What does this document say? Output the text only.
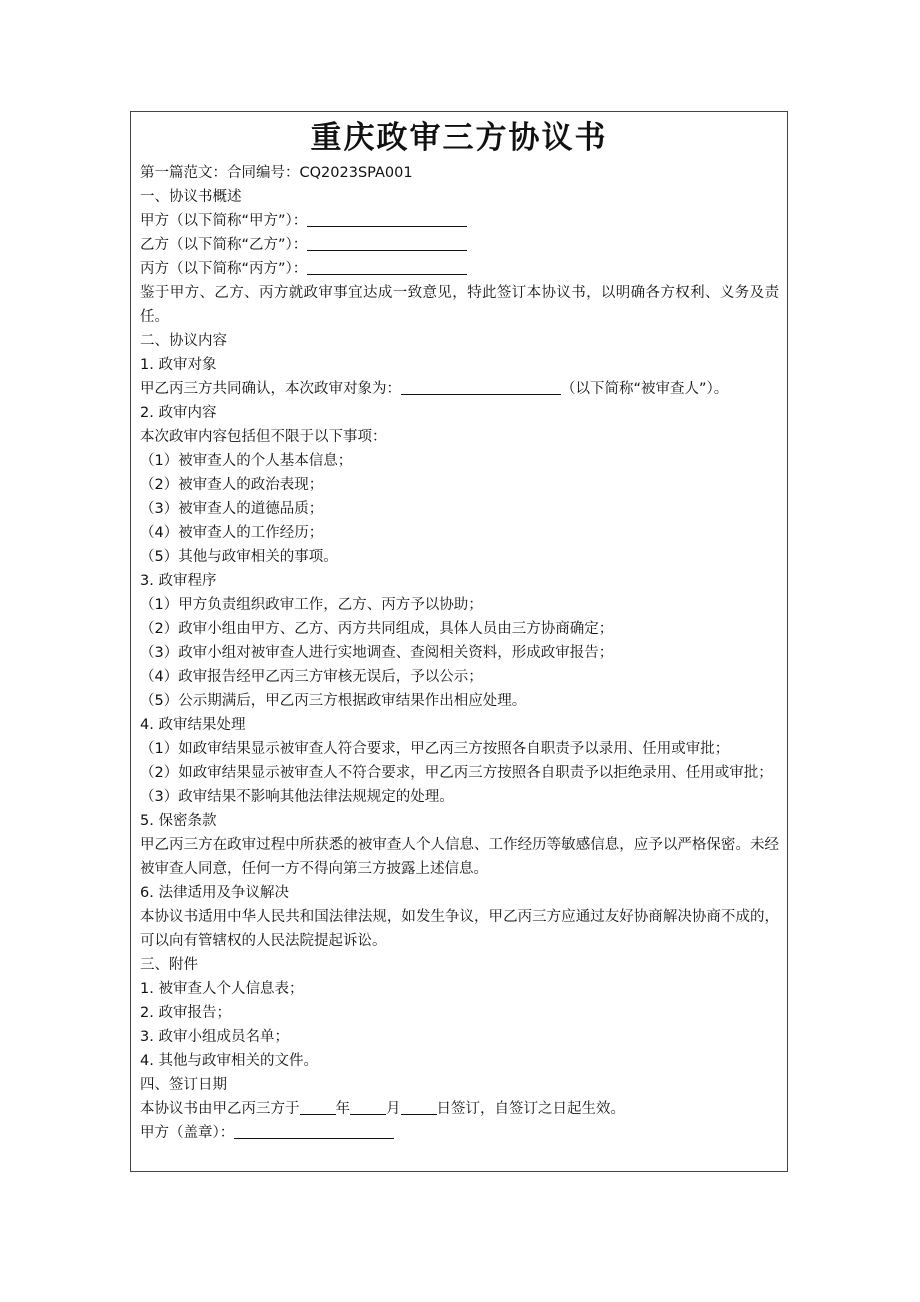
重庆政审三方协议书
第一篇范文：合同编号：CQ2023SPA001
一、协议书概述
甲方（以下简称“甲方”）：
乙方（以下简称“乙方”）：
丙方（以下简称“丙方”）：
鉴于甲方、乙方、丙方就政审事宜达成一致意见，特此签订本协议书，以明确各方权利、义务及责任。
二、协议内容
1. 政审对象
甲乙丙三方共同确认，本次政审对象为：	（以下简称“被审查人”）。
2. 政审内容
本次政审内容包括但不限于以下事项：
（1）被审查人的个人基本信息；
（2）被审查人的政治表现；
（3）被审查人的道德品质；
（4）被审查人的工作经历；
（5）其他与政审相关的事项。
3. 政审程序
（1）甲方负责组织政审工作，乙方、丙方予以协助；
（2）政审小组由甲方、乙方、丙方共同组成，具体人员由三方协商确定；
（3）政审小组对被审查人进行实地调查、查阅相关资料，形成政审报告；
（4）政审报告经甲乙丙三方审核无误后，予以公示；
（5）公示期满后，甲乙丙三方根据政审结果作出相应处理。
4. 政审结果处理
（1）如政审结果显示被审查人符合要求，甲乙丙三方按照各自职责予以录用、任用或审批；
（2）如政审结果显示被审查人不符合要求，甲乙丙三方按照各自职责予以拒绝录用、任用或审批；
（3）政审结果不影响其他法律法规规定的处理。
5. 保密条款
甲乙丙三方在政审过程中所获悉的被审查人个人信息、工作经历等敏感信息，应予以严格保密。未经被审查人同意，任何一方不得向第三方披露上述信息。
6. 法律适用及争议解决
本协议书适用中华人民共和国法律法规，如发生争议，甲乙丙三方应通过友好协商解决协商不成的，可以向有管辖权的人民法院提起诉讼。
三、附件
1. 被审查人个人信息表；
2. 政审报告；
3. 政审小组成员名单；
4. 其他与政审相关的文件。
四、签订日期
本协议书由甲乙丙三方于 年 月 日签订，自签订之日起生效。
甲方（盖章）：
